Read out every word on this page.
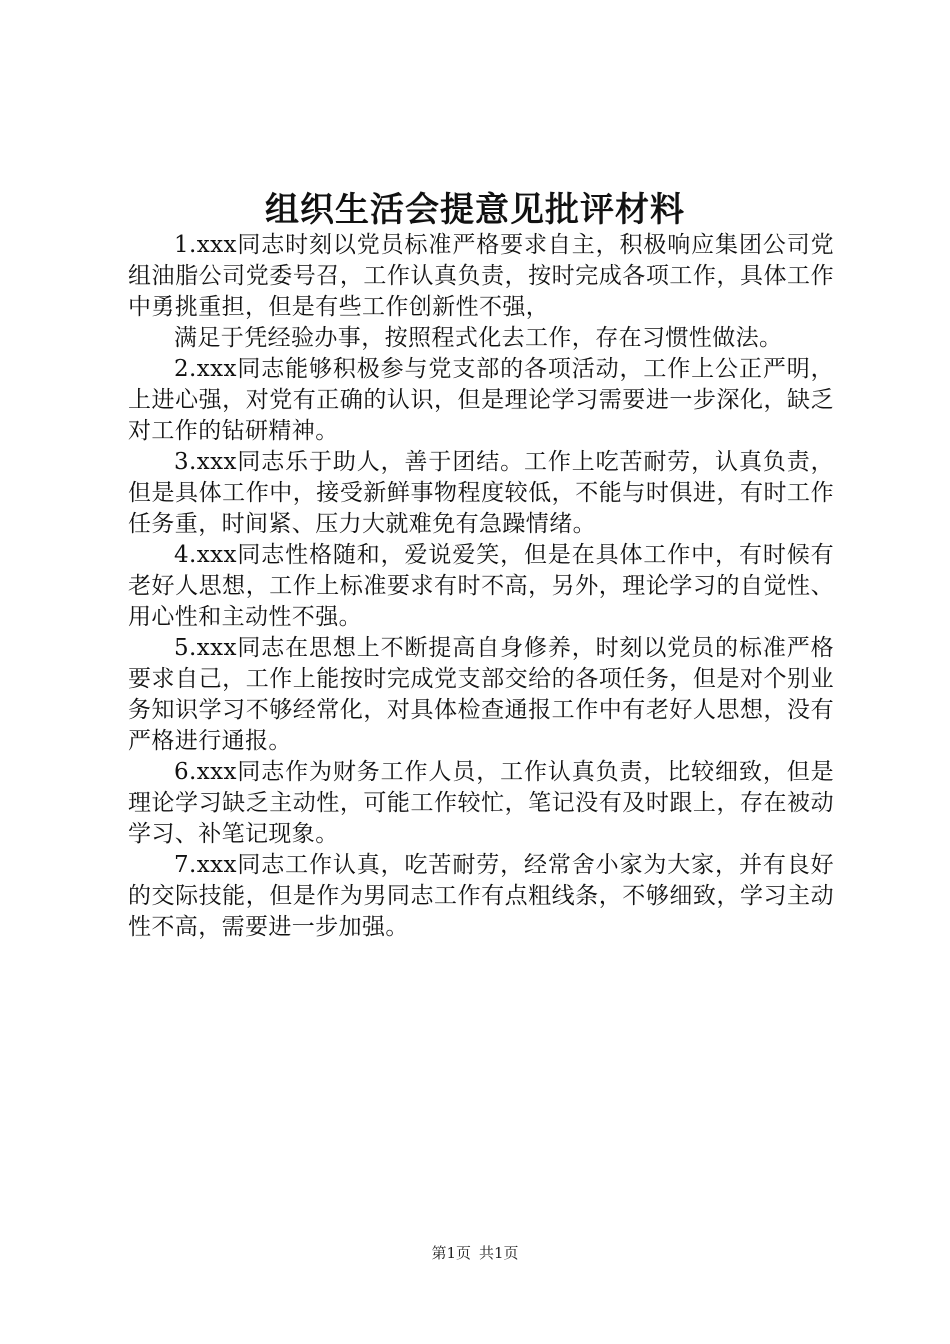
组织生活会提意见批评材料

1.xxx同志时刻以党员标准严格要求自主，积极响应集团公司党组油脂公司党委号召，工作认真负责，按时完成各项工作，具体工作中勇挑重担，但是有些工作创新性不强，

满足于凭经验办事，按照程式化去工作，存在习惯性做法。

2.xxx同志能够积极参与党支部的各项活动，工作上公正严明，上进心强，对党有正确的认识，但是理论学习需要进一步深化，缺乏对工作的钻研精神。

3.xxx同志乐于助人，善于团结。工作上吃苦耐劳，认真负责，但是具体工作中，接受新鲜事物程度较低，不能与时俱进，有时工作任务重，时间紧、压力大就难免有急躁情绪。

4.xxx同志性格随和，爱说爱笑，但是在具体工作中，有时候有老好人思想，工作上标准要求有时不高，另外，理论学习的自觉性、用心性和主动性不强。

5.xxx同志在思想上不断提高自身修养，时刻以党员的标准严格要求自己，工作上能按时完成党支部交给的各项任务，但是对个别业务知识学习不够经常化，对具体检查通报工作中有老好人思想，没有严格进行通报。

6.xxx同志作为财务工作人员，工作认真负责，比较细致，但是理论学习缺乏主动性，可能工作较忙，笔记没有及时跟上，存在被动学习、补笔记现象。

7.xxx同志工作认真，吃苦耐劳，经常舍小家为大家，并有良好的交际技能，但是作为男同志工作有点粗线条，不够细致，学习主动性不高，需要进一步加强。

第1页 共1页
